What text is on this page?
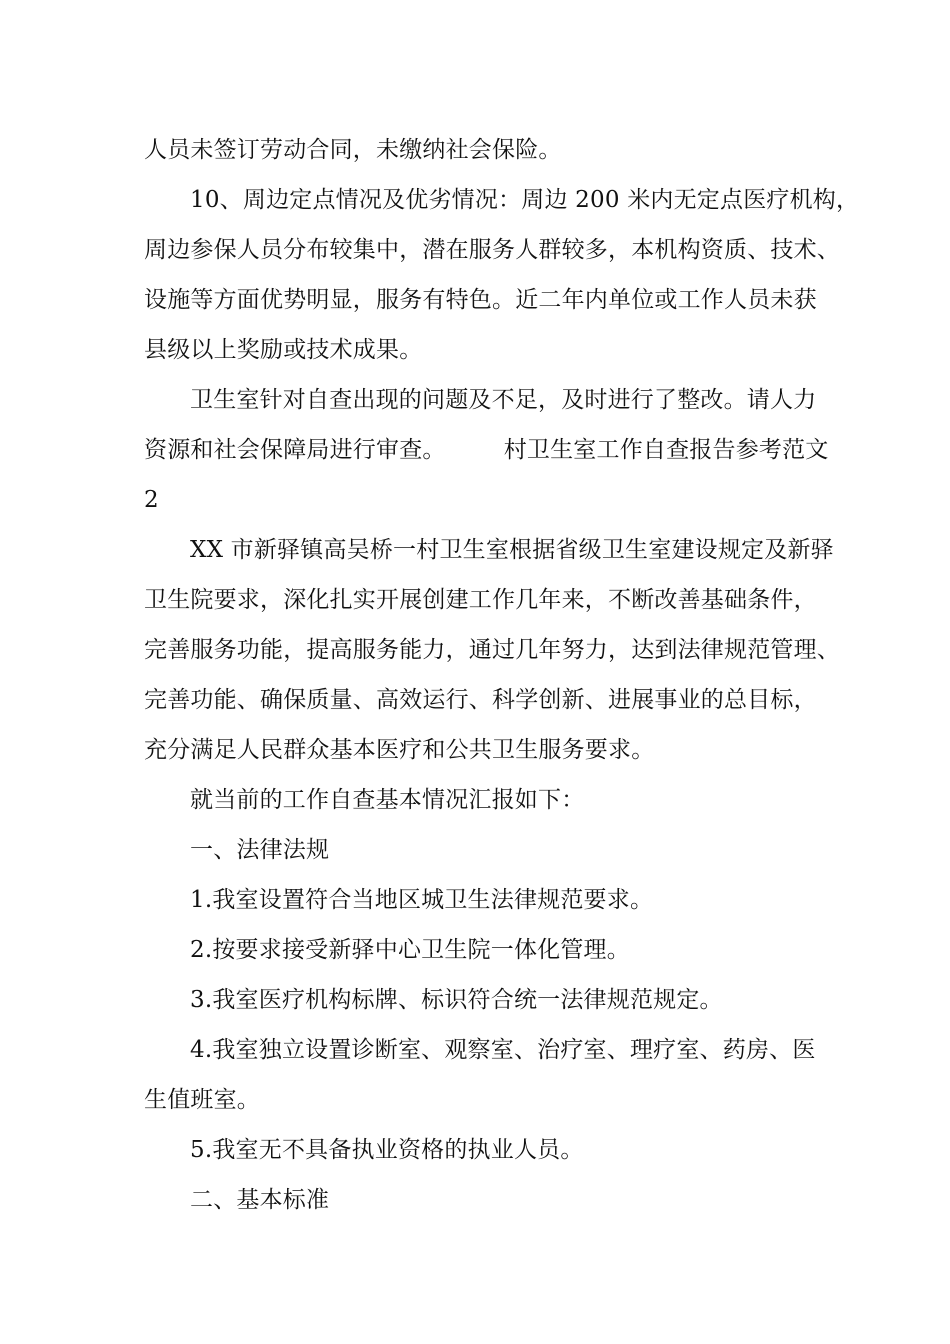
人员未签订劳动合同，未缴纳社会保险。
10、周边定点情况及优劣情况：周边 200 米内无定点医疗机构，
周边参保人员分布较集中，潜在服务人群较多，本机构资质、技术、
设施等方面优势明显，服务有特色。近二年内单位或工作人员未获
县级以上奖励或技术成果。
卫生室针对自查出现的问题及不足，及时进行了整改。请人力
资源和社会保障局进行审查。　　　村卫生室工作自查报告参考范文
2
XX 市新驿镇高吴桥一村卫生室根据省级卫生室建设规定及新驿
卫生院要求，深化扎实开展创建工作几年来，不断改善基础条件，
完善服务功能，提高服务能力，通过几年努力，达到法律规范管理、
完善功能、确保质量、高效运行、科学创新、进展事业的总目标，
充分满足人民群众基本医疗和公共卫生服务要求。
就当前的工作自查基本情况汇报如下：
一、法律法规
1.我室设置符合当地区城卫生法律规范要求。
2.按要求接受新驿中心卫生院一体化管理。
3.我室医疗机构标牌、标识符合统一法律规范规定。
4.我室独立设置诊断室、观察室、治疗室、理疗室、药房、医
生值班室。
5.我室无不具备执业资格的执业人员。
二、基本标准
